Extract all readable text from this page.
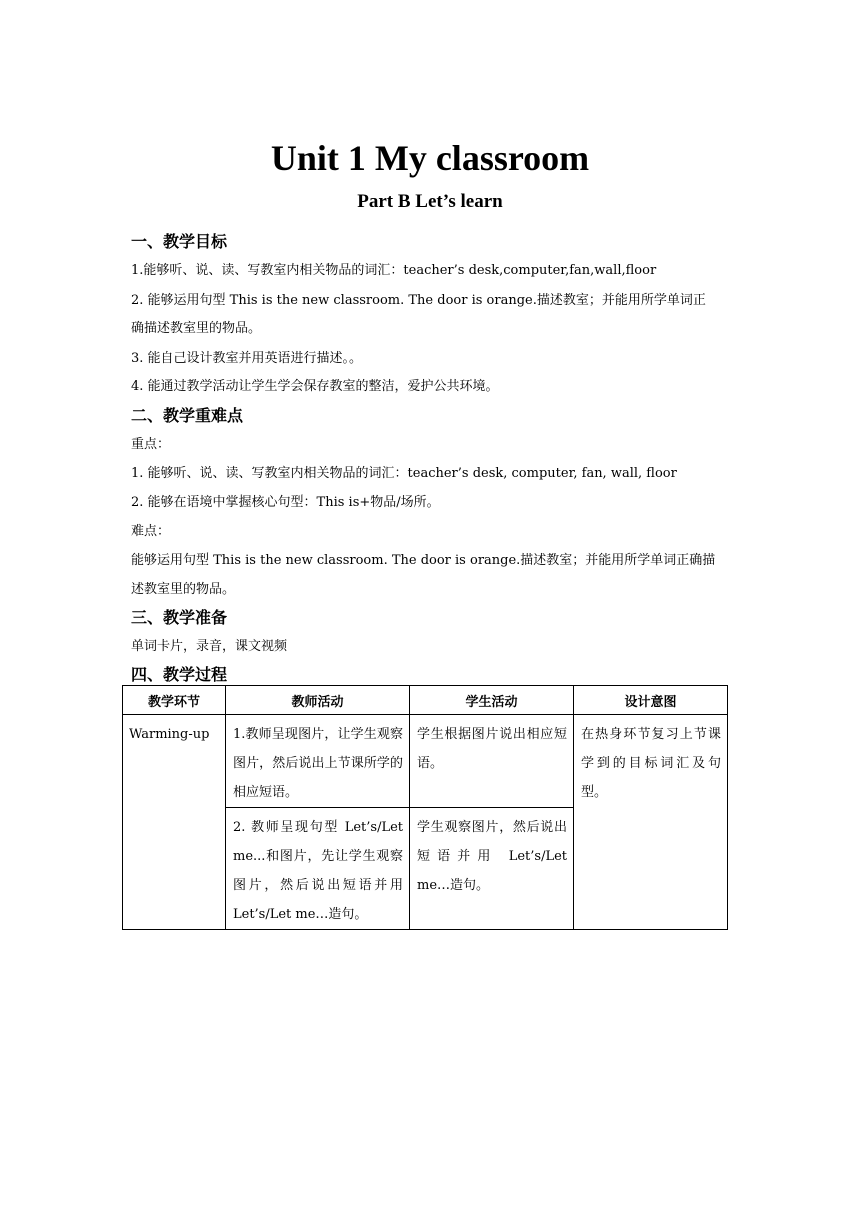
Unit 1 My classroom
Part B Let’s learn
一、教学目标
1.能够听、说、读、写教室内相关物品的词汇：teacher’s desk,computer,fan,wall,floor
2. 能够运用句型 This is the new classroom. The door is orange.描述教室；并能用所学单词正
确描述教室里的物品。
3. 能自己设计教室并用英语进行描述。。
4. 能通过教学活动让学生学会保存教室的整洁，爱护公共环境。
二、教学重难点
重点：
1. 能够听、说、读、写教室内相关物品的词汇：teacher’s desk, computer, fan, wall, floor
2. 能够在语境中掌握核心句型：This is+物品/场所。
难点：
能够运用句型 This is the new classroom. The door is orange.描述教室；并能用所学单词正确描
述教室里的物品。
三、教学准备
单词卡片，录音，课文视频
四、教学过程
教学环节	教师活动	学生活动	设计意图

Warming-up	1.教师呈现图片，让学生观察图片，然后说出上节课所学的相应短语。	学生根据图片说出相应短语。	在热身环节复习上节课学到的目标词汇及句型。

	2. 教师呈现句型 Let’s/Let me...和图片，先让学生观察图片，然后说出短语并用 Let’s/Let me…造句。	学生观察图片，然后说出短语并用 Let’s/Let me…造句。	
